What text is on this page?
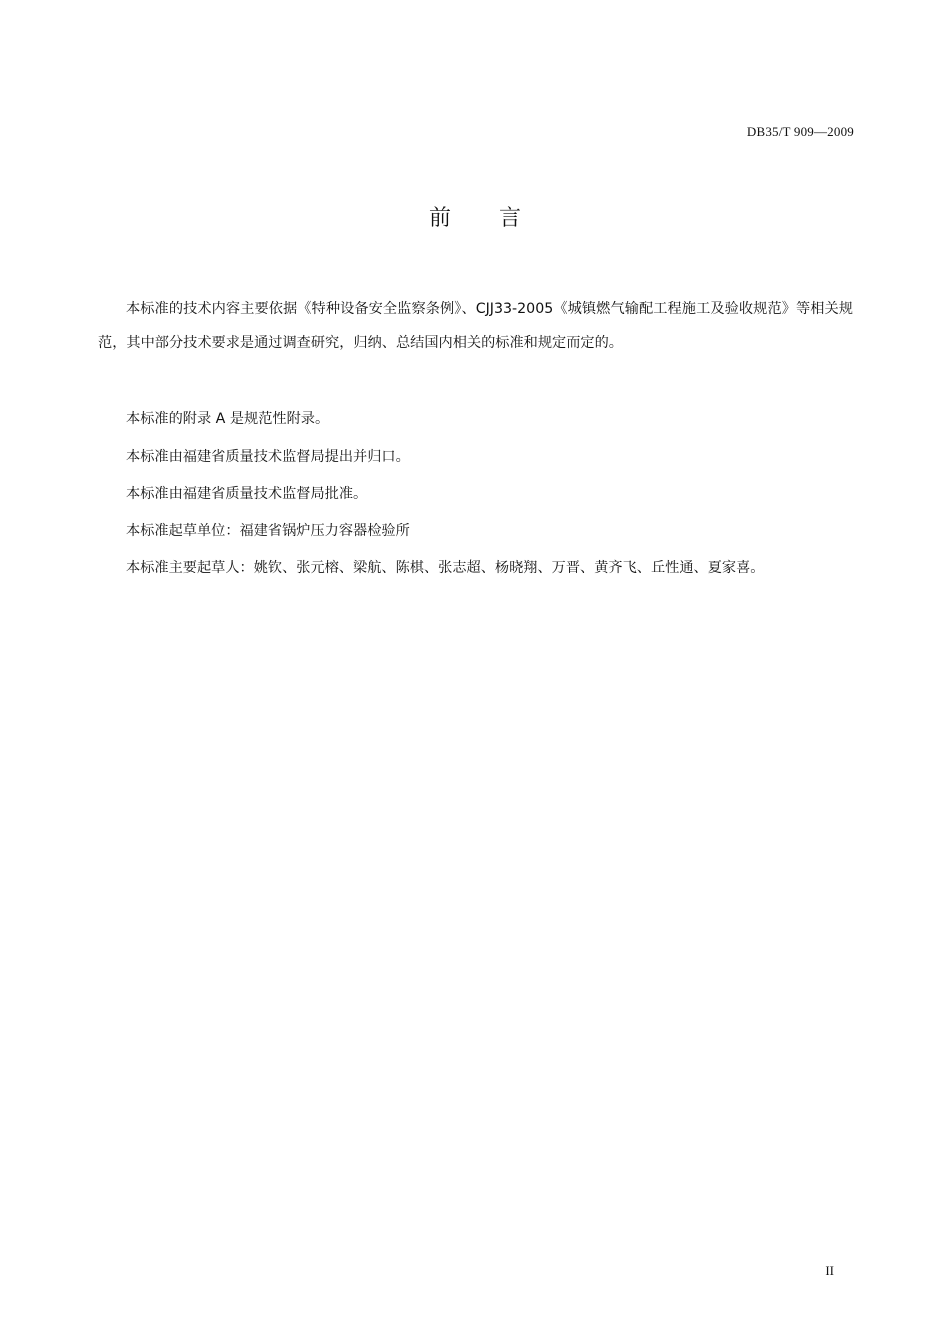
DB35/T 909—2009
前言

本标准的技术内容主要依据《特种设备安全监察条例》、CJJ33-2005《城镇燃气输配工程施工及验收规范》等相关规范，其中部分技术要求是通过调查研究，归纳、总结国内相关的标准和规定而定的。

本标准的附录 A 是规范性附录。

本标准由福建省质量技术监督局提出并归口。

本标准由福建省质量技术监督局批准。

本标准起草单位：福建省锅炉压力容器检验所

本标准主要起草人：姚钦、张元榕、梁航、陈棋、张志超、杨晓翔、万晋、黄齐飞、丘性通、夏家喜。

II
